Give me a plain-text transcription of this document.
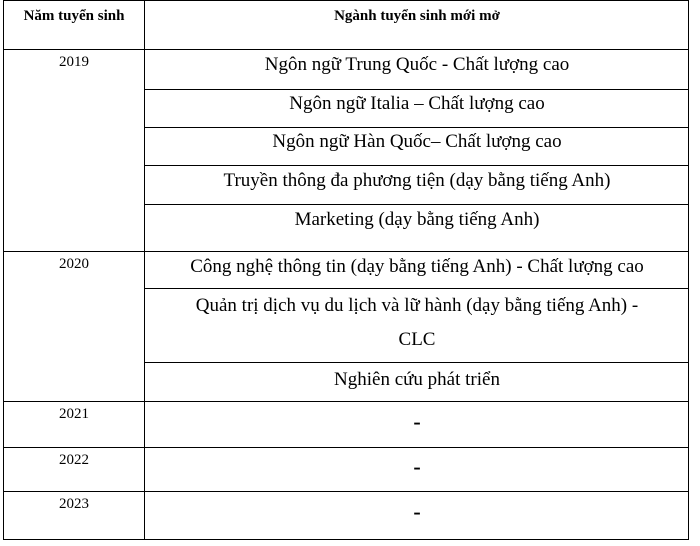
Năm tuyển sinh	Ngành tuyển sinh mới mở
2019	Ngôn ngữ Trung Quốc - Chất lượng cao
Ngôn ngữ Italia – Chất lượng cao
Ngôn ngữ Hàn Quốc– Chất lượng cao
Truyền thông đa phương tiện (dạy bằng tiếng Anh)
Marketing (dạy bằng tiếng Anh)
2020	Công nghệ thông tin (dạy bằng tiếng Anh) - Chất lượng cao
Quản trị dịch vụ du lịch và lữ hành (dạy bằng tiếng Anh) -
CLC
Nghiên cứu phát triển
2021	-
2022	-
2023	-
